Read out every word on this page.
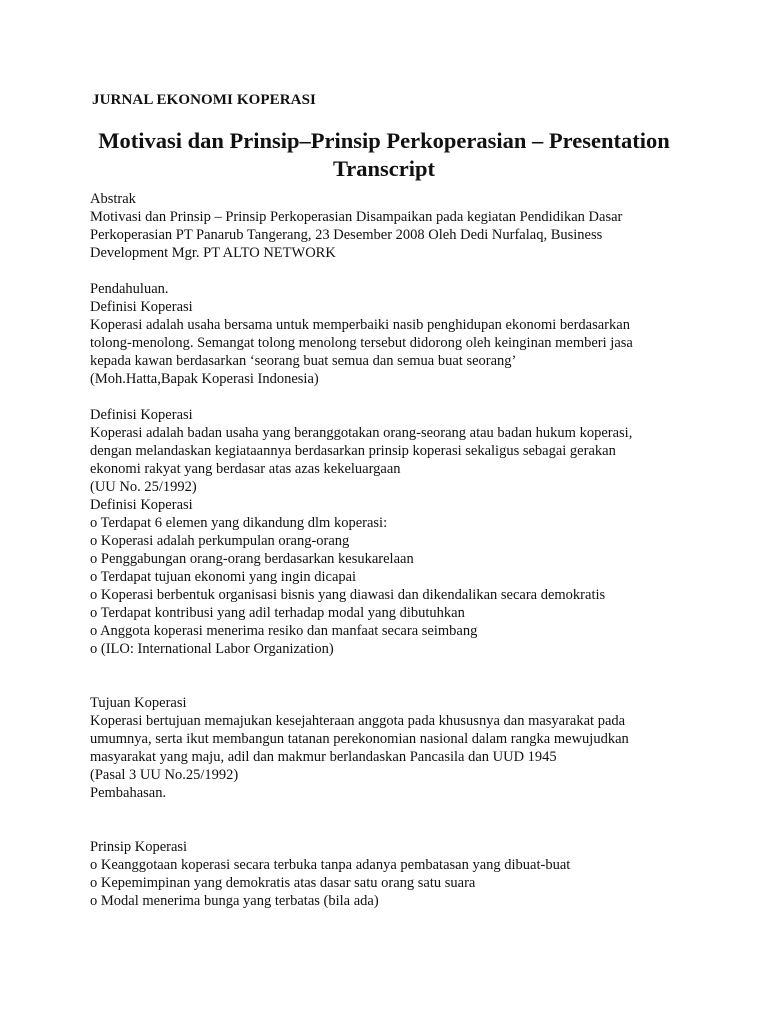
JURNAL EKONOMI KOPERASI
Motivasi dan Prinsip–Prinsip Perkoperasian – Presentation
Transcript
Abstrak
Motivasi dan Prinsip – Prinsip Perkoperasian Disampaikan pada kegiatan Pendidikan Dasar
Perkoperasian PT Panarub Tangerang, 23 Desember 2008 Oleh Dedi Nurfalaq, Business
Development Mgr. PT ALTO NETWORK
Pendahuluan.
Definisi Koperasi
Koperasi adalah usaha bersama untuk memperbaiki nasib penghidupan ekonomi berdasarkan
tolong-menolong. Semangat tolong menolong tersebut didorong oleh keinginan memberi jasa
kepada kawan berdasarkan ‘seorang buat semua dan semua buat seorang’
(Moh.Hatta,Bapak Koperasi Indonesia)
Definisi Koperasi
Koperasi adalah badan usaha yang beranggotakan orang-seorang atau badan hukum koperasi,
dengan melandaskan kegiataannya berdasarkan prinsip koperasi sekaligus sebagai gerakan
ekonomi rakyat yang berdasar atas azas kekeluargaan
(UU No. 25/1992)
Definisi Koperasi
o Terdapat 6 elemen yang dikandung dlm koperasi:
o Koperasi adalah perkumpulan orang-orang
o Penggabungan orang-orang berdasarkan kesukarelaan
o Terdapat tujuan ekonomi yang ingin dicapai
o Koperasi berbentuk organisasi bisnis yang diawasi dan dikendalikan secara demokratis
o Terdapat kontribusi yang adil terhadap modal yang dibutuhkan
o Anggota koperasi menerima resiko dan manfaat secara seimbang
o (ILO: International Labor Organization)
Tujuan Koperasi
Koperasi bertujuan memajukan kesejahteraan anggota pada khususnya dan masyarakat pada
umumnya, serta ikut membangun tatanan perekonomian nasional dalam rangka mewujudkan
masyarakat yang maju, adil dan makmur berlandaskan Pancasila dan UUD 1945
(Pasal 3 UU No.25/1992)
Pembahasan.
Prinsip Koperasi
o Keanggotaan koperasi secara terbuka tanpa adanya pembatasan yang dibuat-buat
o Kepemimpinan yang demokratis atas dasar satu orang satu suara
o Modal menerima bunga yang terbatas (bila ada)
